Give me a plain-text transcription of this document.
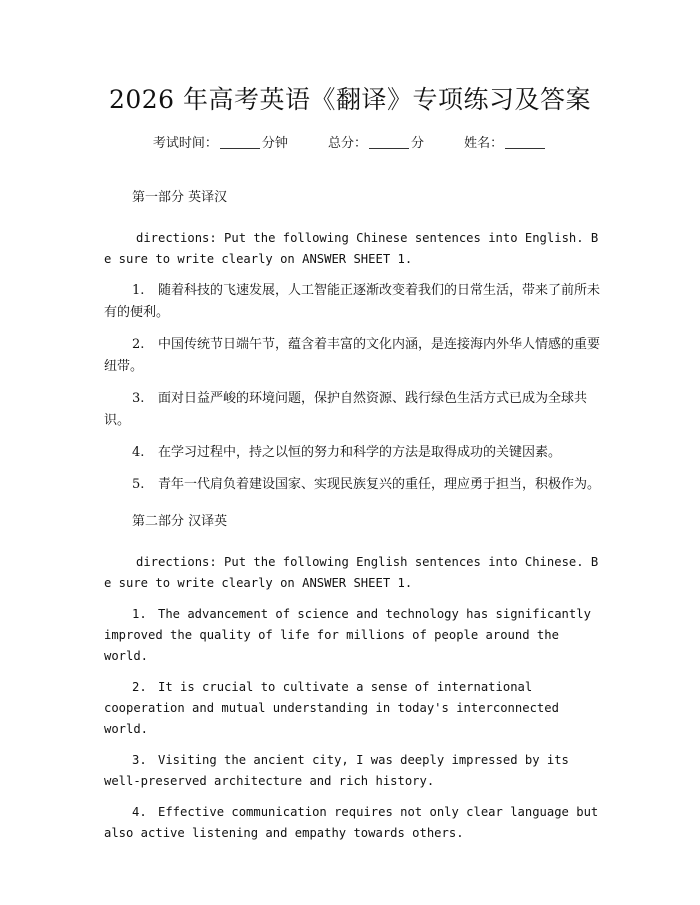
2026 年高考英语《翻译》专项练习及答案
考试时间：	分钟	总分：	分	姓名：
第一部分 英译汉
directions: Put the following Chinese sentences into English. Be sure to write clearly on ANSWER SHEET 1.
1. 随着科技的飞速发展，人工智能正逐渐改变着我们的日常生活，带来了前所未有的便利。
2. 中国传统节日端午节，蕴含着丰富的文化内涵，是连接海内外华人情感的重要纽带。
3. 面对日益严峻的环境问题，保护自然资源、践行绿色生活方式已成为全球共识。
4. 在学习过程中，持之以恒的努力和科学的方法是取得成功的关键因素。
5. 青年一代肩负着建设国家、实现民族复兴的重任，理应勇于担当，积极作为。
第二部分 汉译英
directions: Put the following English sentences into Chinese. Be sure to write clearly on ANSWER SHEET 1.
1. The advancement of science and technology has significantly improved the quality of life for millions of people around the world.
2. It is crucial to cultivate a sense of international cooperation and mutual understanding in today's interconnected world.
3. Visiting the ancient city, I was deeply impressed by its well-preserved architecture and rich history.
4. Effective communication requires not only clear language but also active listening and empathy towards others.
